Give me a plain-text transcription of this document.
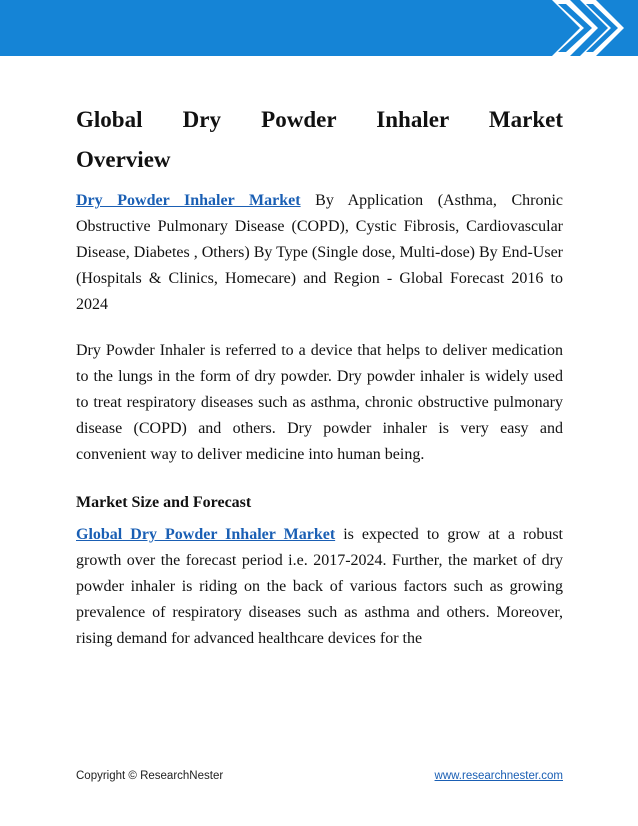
Global Dry Powder Inhaler Market
Overview

Dry Powder Inhaler Market By Application (Asthma, Chronic Obstructive Pulmonary Disease (COPD), Cystic Fibrosis, Cardiovascular Disease, Diabetes , Others) By Type (Single dose, Multi-dose) By End-User (Hospitals & Clinics, Homecare) and Region - Global Forecast 2016 to 2024

Dry Powder Inhaler is referred to a device that helps to deliver medication to the lungs in the form of dry powder. Dry powder inhaler is widely used to treat respiratory diseases such as asthma, chronic obstructive pulmonary disease (COPD) and others. Dry powder inhaler is very easy and convenient way to deliver medicine into human being.

Market Size and Forecast

Global Dry Powder Inhaler Market is expected to grow at a robust growth over the forecast period i.e. 2017-2024. Further, the market of dry powder inhaler is riding on the back of various factors such as growing prevalence of respiratory diseases such as asthma and others. Moreover, rising demand for advanced healthcare devices for the

Copyright © ResearchNester	www.researchnester.com
